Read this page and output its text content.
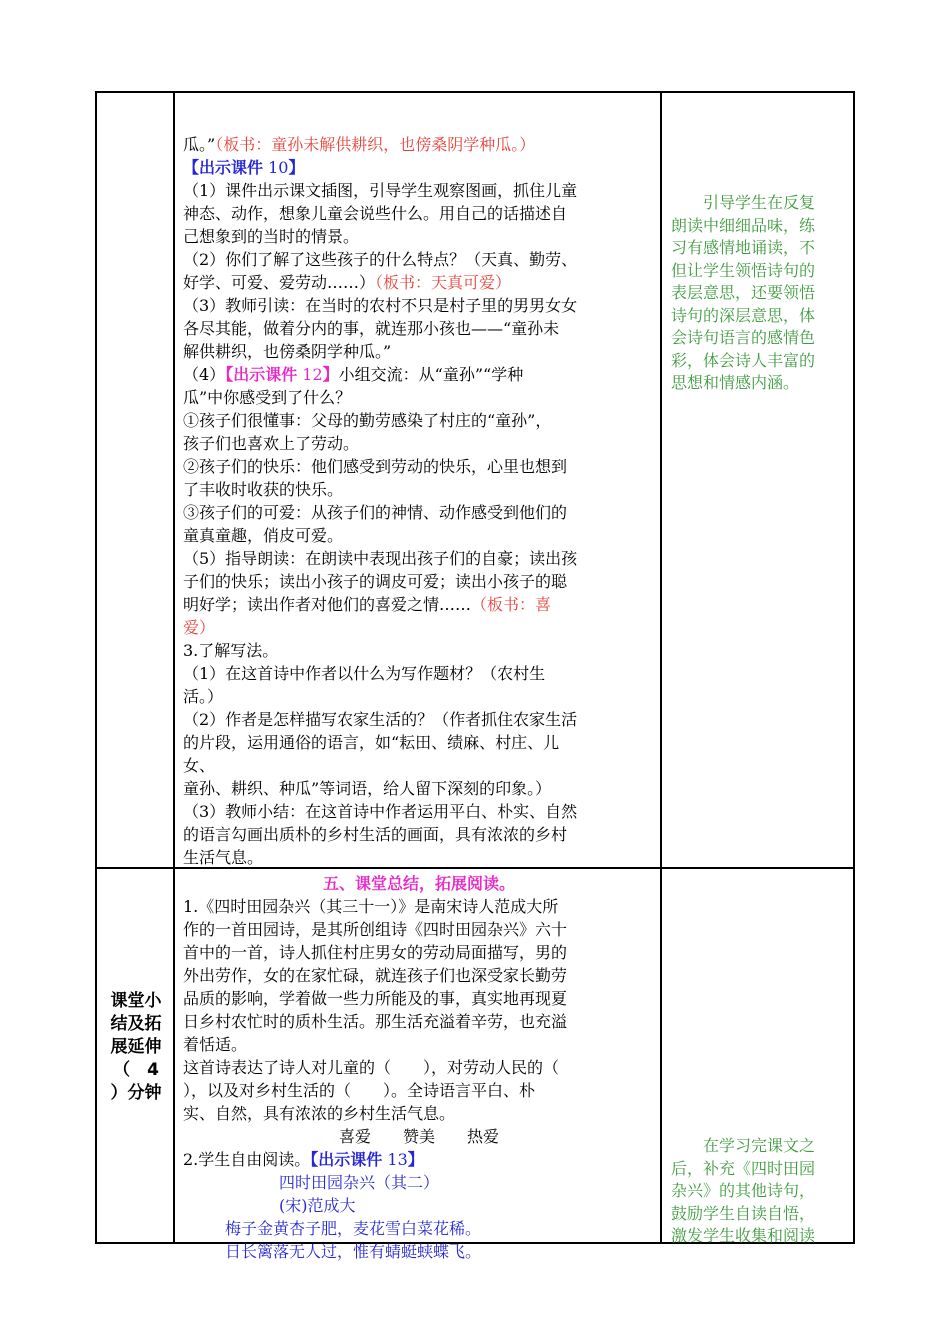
瓜。”（板书：童孙未解供耕织，也傍桑阴学种瓜。）

【出示课件 10】

（1）课件出示课文插图，引导学生观察图画，抓住儿童

神态、动作，想象儿童会说些什么。用自己的话描述自

己想象到的当时的情景。

（2）你们了解了这些孩子的什么特点？（天真、勤劳、

好学、可爱、爱劳动……）（板书：天真可爱）

（3）教师引读：在当时的农村不只是村子里的男男女女

各尽其能，做着分内的事，就连那小孩也——“童孙未

解供耕织，也傍桑阴学种瓜。”

（4）【出示课件 12】小组交流：从“童孙”“学种

瓜”中你感受到了什么？

①孩子们很懂事：父母的勤劳感染了村庄的“童孙”，

孩子们也喜欢上了劳动。

②孩子们的快乐：他们感受到劳动的快乐，心里也想到

了丰收时收获的快乐。

③孩子们的可爱：从孩子们的神情、动作感受到他们的

童真童趣，俏皮可爱。

（5）指导朗读：在朗读中表现出孩子们的自豪；读出孩

子们的快乐；读出小孩子的调皮可爱；读出小孩子的聪

明好学；读出作者对他们的喜爱之情……（板书：喜

爱）

3.了解写法。

（1）在这首诗中作者以什么为写作题材？（农村生

活。）

（2）作者是怎样描写农家生活的？（作者抓住农家生活

的片段，运用通俗的语言，如“耘田、绩麻、村庄、儿

女、

童孙、耕织、种瓜”等词语，给人留下深刻的印象。）

（3）教师小结：在这首诗中作者运用平白、朴实、自然

的语言勾画出质朴的乡村生活的画面，具有浓浓的乡村

生活气息。

　　引导学生在反复
朗读中细细品味，练
习有感情地诵读，不
但让学生领悟诗句的
表层意思，还要领悟
诗句的深层意思，体
会诗句语言的感情色
彩，体会诗人丰富的
思想和情感内涵。
课堂小
结及拓
展延伸
（　4
）分钟

五、课堂总结，拓展阅读。

1.《四时田园杂兴（其三十一）》是南宋诗人范成大所

作的一首田园诗，是其所创组诗《四时田园杂兴》六十

首中的一首，诗人抓住村庄男女的劳动局面描写，男的

外出劳作，女的在家忙碌，就连孩子们也深受家长勤劳

品质的影响，学着做一些力所能及的事，真实地再现夏

日乡村农忙时的质朴生活。那生活充溢着辛劳，也充溢

着恬适。

这首诗表达了诗人对儿童的（　　），对劳动人民的（

），以及对乡村生活的（　　）。全诗语言平白、朴

实、自然，具有浓浓的乡村生活气息。

喜爱　　赞美　　热爱

2.学生自由阅读。【出示课件 13】

四时田园杂兴（其二）

(宋)范成大

梅子金黄杏子肥，麦花雪白菜花稀。

日长篱落无人过，惟有蜻蜓蛱蝶飞。

　　在学习完课文之
后，补充《四时田园
杂兴》的其他诗句，
鼓励学生自读自悟，
激发学生收集和阅读
